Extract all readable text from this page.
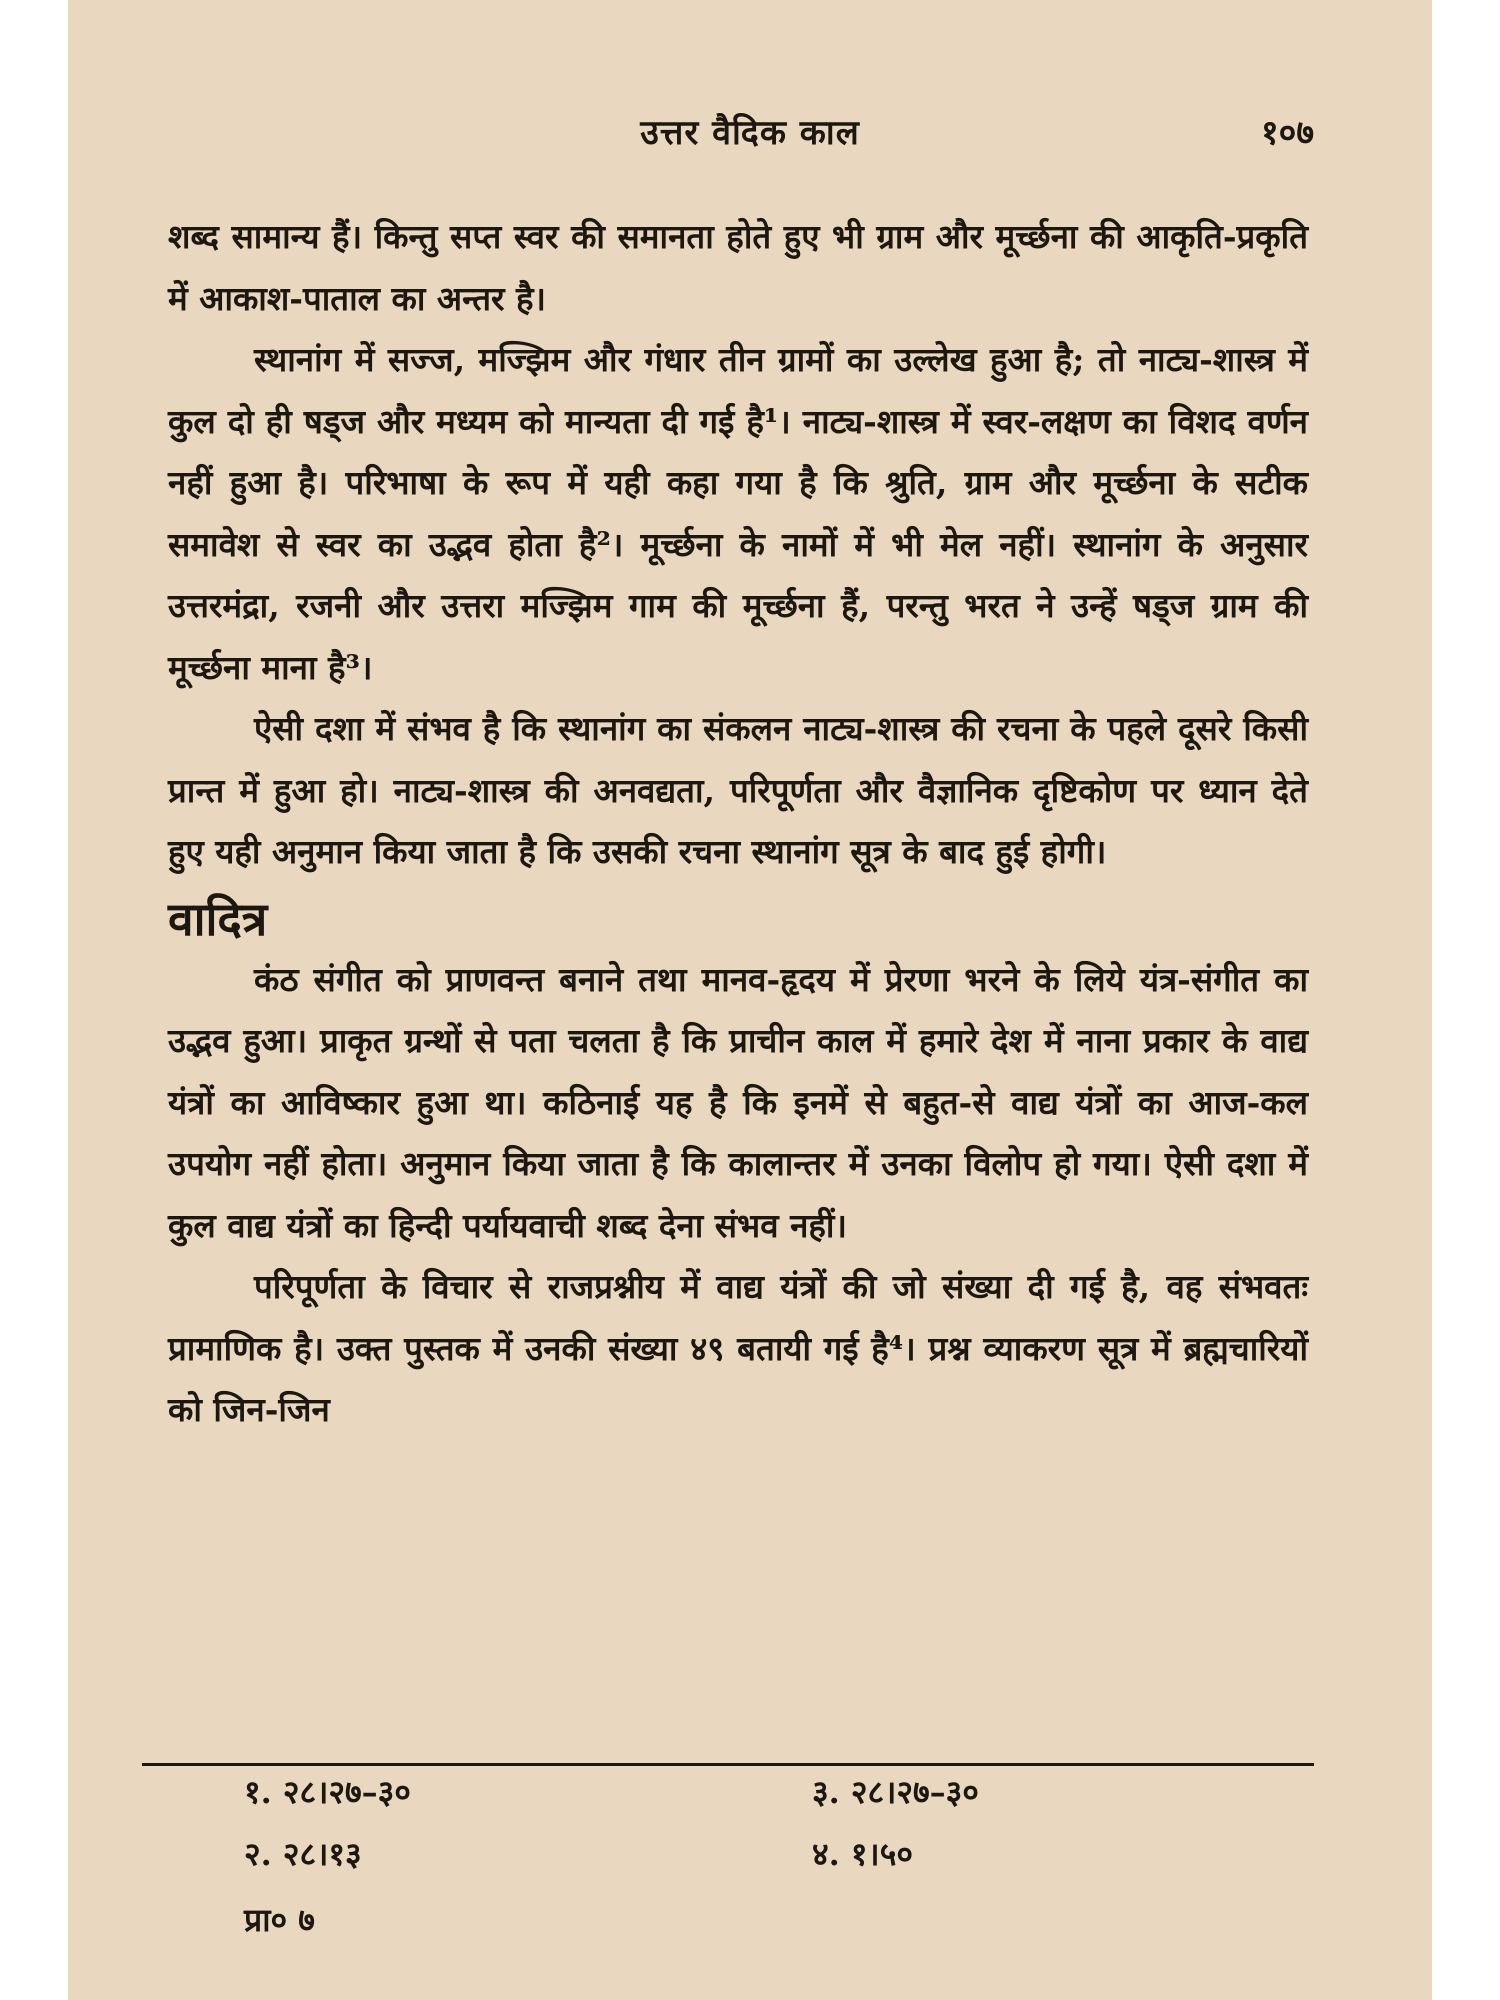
उत्तर वैदिक काल	१०७

शब्द सामान्य हैं। किन्तु सप्त स्वर की समानता होते हुए भी ग्राम और मूर्च्छना की आकृति-प्रकृति में आकाश-पाताल का अन्तर है।

स्थानांग में सज्ज, मज्झिम और गंधार तीन ग्रामों का उल्लेख हुआ है; तो नाट्य-शास्त्र में कुल दो ही षड्ज और मध्यम को मान्यता दी गई है¹। नाट्य-शास्त्र में स्वर-लक्षण का विशद वर्णन नहीं हुआ है। परिभाषा के रूप में यही कहा गया है कि श्रुति, ग्राम और मूर्च्छना के सटीक समावेश से स्वर का उद्भव होता है²। मूर्च्छना के नामों में भी मेल नहीं। स्थानांग के अनुसार उत्तरमंद्रा, रजनी और उत्तरा मज्झिम गाम की मूर्च्छना हैं, परन्तु भरत ने उन्हें षड्ज ग्राम की मूर्च्छना माना है³।

ऐसी दशा में संभव है कि स्थानांग का संकलन नाट्य-शास्त्र की रचना के पहले दूसरे किसी प्रान्त में हुआ हो। नाट्य-शास्त्र की अनवद्यता, परिपूर्णता और वैज्ञानिक दृष्टिकोण पर ध्यान देते हुए यही अनुमान किया जाता है कि उसकी रचना स्थानांग सूत्र के बाद हुई होगी।

वादित्र

कंठ संगीत को प्राणवन्त बनाने तथा मानव-हृदय में प्रेरणा भरने के लिये यंत्र-संगीत का उद्भव हुआ। प्राकृत ग्रन्थों से पता चलता है कि प्राचीन काल में हमारे देश में नाना प्रकार के वाद्य यंत्रों का आविष्कार हुआ था। कठिनाई यह है कि इनमें से बहुत-से वाद्य यंत्रों का आज-कल उपयोग नहीं होता। अनुमान किया जाता है कि कालान्तर में उनका विलोप हो गया। ऐसी दशा में कुल वाद्य यंत्रों का हिन्दी पर्यायवाची शब्द देना संभव नहीं।

परिपूर्णता के विचार से राजप्रश्नीय में वाद्य यंत्रों की जो संख्या दी गई है, वह संभवतः प्रामाणिक है। उक्त पुस्तक में उनकी संख्या ४९ बतायी गई है⁴। प्रश्न व्याकरण सूत्र में ब्रह्मचारियों को जिन-जिन

१. २८।२७–३०	३. २८।२७–३०
२. २८।१३	४. १।५०
प्रा० ७
